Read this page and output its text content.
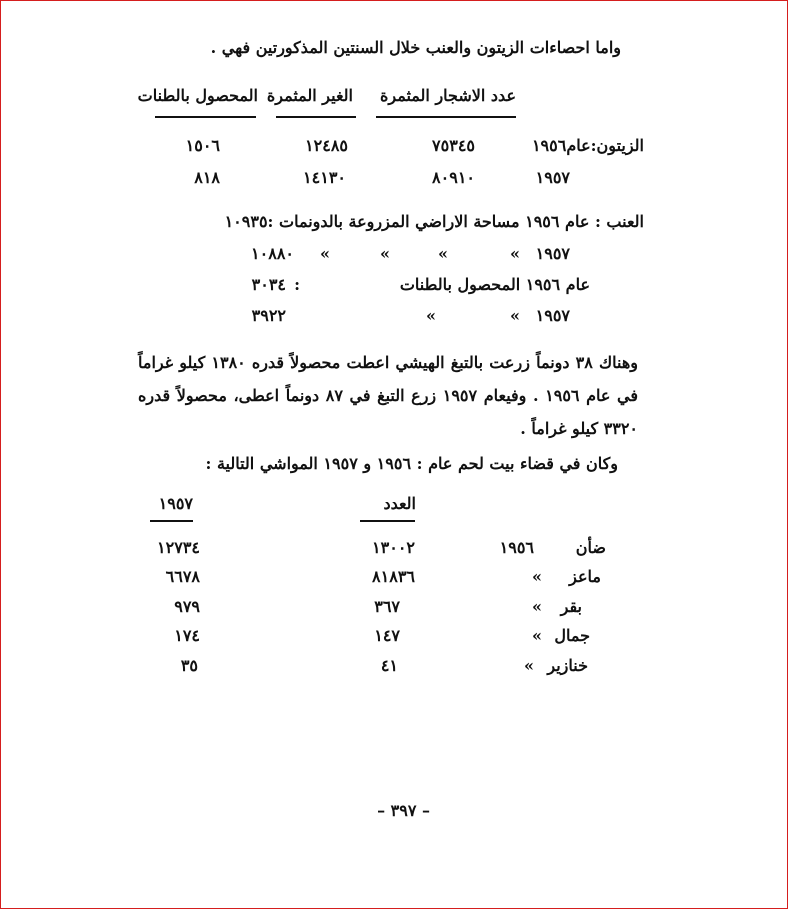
واما احصاءات الزيتون والعنب خلال السنتين المذكورتين فهي .
عدد الاشجار المثمرة
الغير المثمرة
المحصول بالطنات
الزيتون:عام١٩٥٦
٧٥٣٤٥
١٢٤٨٥
١٥٠٦
١٩٥٧
٨٠٩١٠
١٤١٣٠
٨١٨
العنب : عام ١٩٥٦ مساحة الاراضي المزروعة بالدونمات :١٠٩٣٥
١٩٥٧
»
»
»
»
١٠٨٨٠
عام ١٩٥٦ المحصول بالطنات
:
٣٠٣٤
١٩٥٧
»
»
٣٩٢٢
وهناك ٣٨ دونماً زرعت بالتبغ الهيشي اعطت محصولاً قدره ١٣٨٠ كيلو غراماً في عام ١٩٥٦ . وفيعام ١٩٥٧ زرع التبغ في ٨٧ دونماً اعطى، محصولاً قدره ٣٣٢٠ كيلو غراماً .
وكان في قضاء بيت لحم عام : ١٩٥٦ و ١٩٥٧ المواشي التالية :
العدد
١٩٥٧
ضأن
١٩٥٦
١٣٠٠٢
١٢٧٣٤
ماعز
»
٨١٨٣٦
٦٦٧٨
بقر
»
٣٦٧
٩٧٩
جمال
»
١٤٧
١٧٤
خنازير
»
٤١
٣٥
– ٣٩٧ –
